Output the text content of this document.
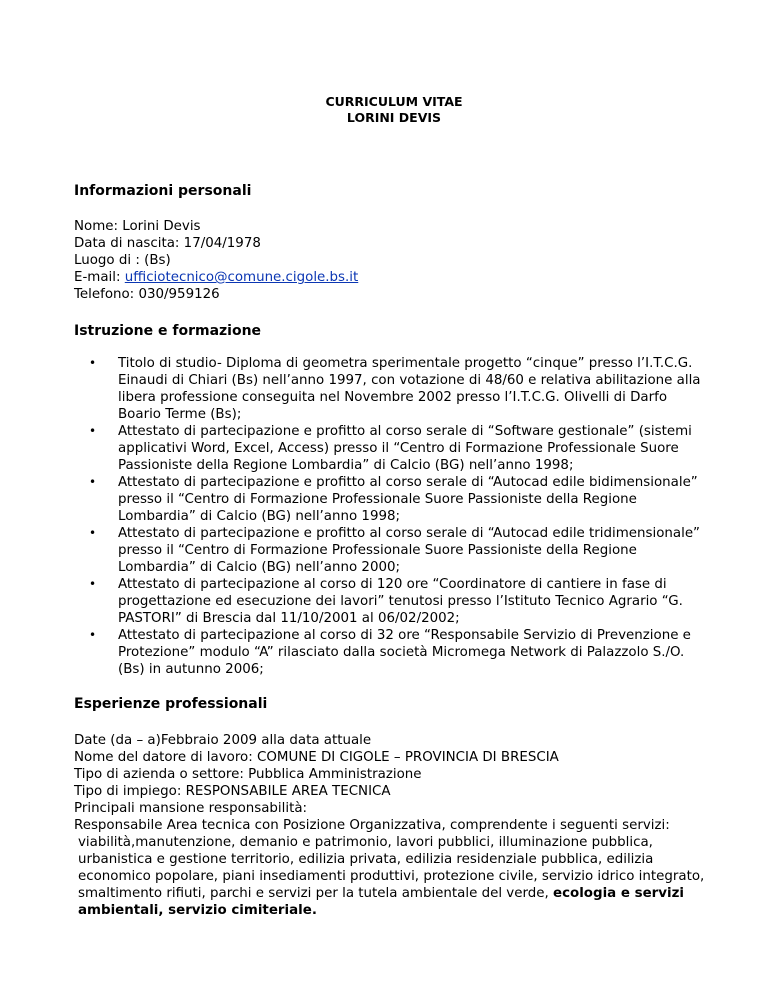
CURRICULUM VITAE
LORINI DEVIS
Informazioni personali
Nome: Lorini Devis
Data di nascita: 17/04/1978
Luogo di : (Bs)
E-mail: ufficiotecnico@comune.cigole.bs.it
Telefono: 030/959126
Istruzione e formazione
• Titolo di studio- Diploma di geometra sperimentale progetto “cinque” presso l’I.T.C.G. Einaudi di Chiari (Bs) nell’anno 1997, con votazione di 48/60 e relativa abilitazione alla libera professione conseguita nel Novembre 2002 presso l’I.T.C.G. Olivelli di Darfo Boario Terme (Bs);
• Attestato di partecipazione e profitto al corso serale di “Software gestionale” (sistemi applicativi Word, Excel, Access) presso il “Centro di Formazione Professionale Suore Passioniste della Regione Lombardia” di Calcio (BG) nell’anno 1998;
• Attestato di partecipazione e profitto al corso serale di “Autocad edile bidimensionale” presso il “Centro di Formazione Professionale Suore Passioniste della Regione Lombardia” di Calcio (BG) nell’anno 1998;
• Attestato di partecipazione e profitto al corso serale di “Autocad edile tridimensionale” presso il “Centro di Formazione Professionale Suore Passioniste della Regione Lombardia” di Calcio (BG) nell’anno 2000;
• Attestato di partecipazione al corso di 120 ore “Coordinatore di cantiere in fase di progettazione ed esecuzione dei lavori” tenutosi presso l’Istituto Tecnico Agrario “G. PASTORI” di Brescia dal 11/10/2001 al 06/02/2002;
• Attestato di partecipazione al corso di 32 ore “Responsabile Servizio di Prevenzione e Protezione” modulo “A” rilasciato dalla società Micromega Network di Palazzolo S./O. (Bs) in autunno 2006;
Esperienze professionali
Date (da – a)Febbraio 2009 alla data attuale
Nome del datore di lavoro: COMUNE DI CIGOLE – PROVINCIA DI BRESCIA
Tipo di azienda o settore: Pubblica Amministrazione
Tipo di impiego: RESPONSABILE AREA TECNICA
Principali mansione responsabilità:
Responsabile Area tecnica con Posizione Organizzativa, comprendente i seguenti servizi: viabilità,manutenzione, demanio e patrimonio, lavori pubblici, illuminazione pubblica, urbanistica e gestione territorio, edilizia privata, edilizia residenziale pubblica, edilizia economico popolare, piani insediamenti produttivi, protezione civile, servizio idrico integrato, smaltimento rifiuti, parchi e servizi per la tutela ambientale del verde, ecologia e servizi ambientali, servizio cimiteriale.
